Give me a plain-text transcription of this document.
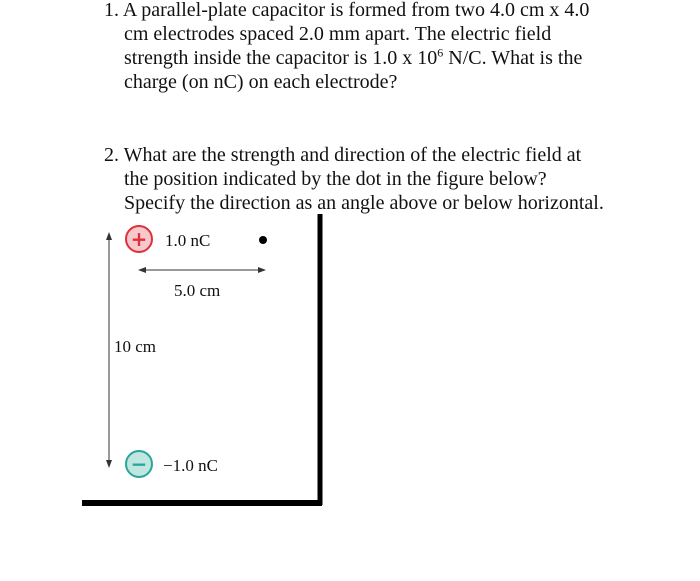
1. A parallel-plate capacitor is formed from two 4.0 cm x 4.0
cm electrodes spaced 2.0 mm apart. The electric field
strength inside the capacitor is 1.0 x $10^6$ N/C. What is the
charge (on nC) on each electrode?
2. What are the strength and direction of the electric field at
the position indicated by the dot in the figure below?
Specify the direction as an angle above or below horizontal.
+
−
1.0 nC
−1.0 nC
5.0 cm
10 cm
